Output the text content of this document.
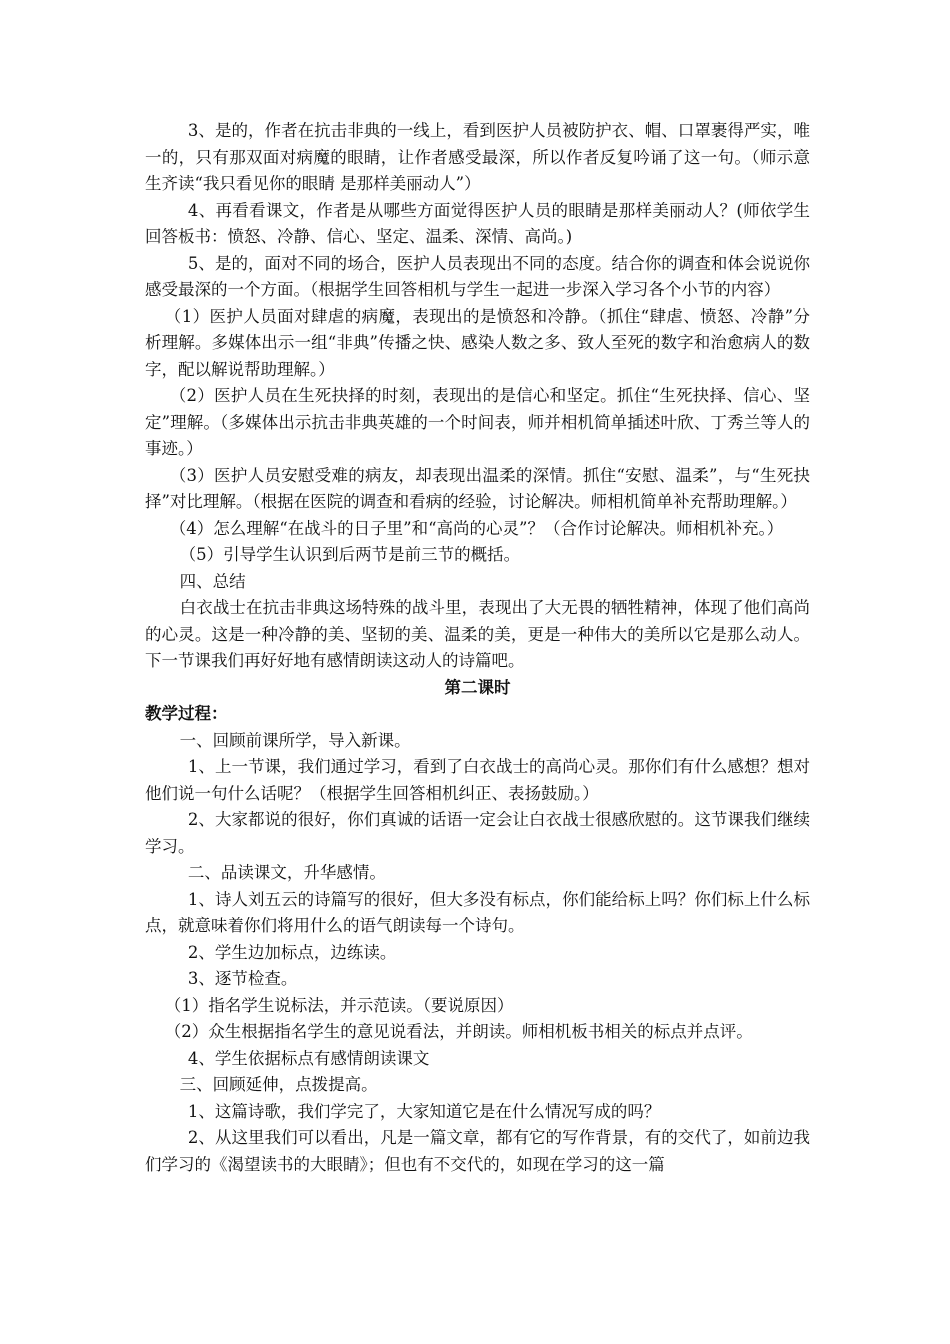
3、是的，作者在抗击非典的一线上，看到医护人员被防护衣、帽、口罩裹得严实，唯一的，只有那双面对病魔的眼睛，让作者感受最深，所以作者反复吟诵了这一句。（师示意生齐读“我只看见你的眼睛 是那样美丽动人”）

4、再看看课文，作者是从哪些方面觉得医护人员的眼睛是那样美丽动人？(师依学生回答板书：愤怒、冷静、信心、坚定、温柔、深情、高尚。)

5、是的，面对不同的场合，医护人员表现出不同的态度。结合你的调查和体会说说你感受最深的一个方面。（根据学生回答相机与学生一起进一步深入学习各个小节的内容）

（1）医护人员面对肆虐的病魔，表现出的是愤怒和冷静。（抓住“肆虐、愤怒、冷静”分析理解。多媒体出示一组“非典”传播之快、感染人数之多、致人至死的数字和治愈病人的数字，配以解说帮助理解。）

（2）医护人员在生死抉择的时刻，表现出的是信心和坚定。抓住“生死抉择、信心、坚定”理解。（多媒体出示抗击非典英雄的一个时间表，师并相机简单插述叶欣、丁秀兰等人的事迹。）

（3）医护人员安慰受难的病友，却表现出温柔的深情。抓住“安慰、温柔”，与“生死抉择”对比理解。（根据在医院的调查和看病的经验，讨论解决。师相机简单补充帮助理解。）

（4）怎么理解“在战斗的日子里”和“高尚的心灵”？（合作讨论解决。师相机补充。）

（5）引导学生认识到后两节是前三节的概括。

四、总结

白衣战士在抗击非典这场特殊的战斗里，表现出了大无畏的牺牲精神，体现了他们高尚的心灵。这是一种冷静的美、坚韧的美、温柔的美，更是一种伟大的美所以它是那么动人。下一节课我们再好好地有感情朗读这动人的诗篇吧。

第二课时

教学过程：

一、回顾前课所学，导入新课。

1、上一节课，我们通过学习，看到了白衣战士的高尚心灵。那你们有什么感想？想对他们说一句什么话呢？（根据学生回答相机纠正、表扬鼓励。）

2、大家都说的很好，你们真诚的话语一定会让白衣战士很感欣慰的。这节课我们继续学习。

二、品读课文，升华感情。

1、诗人刘五云的诗篇写的很好，但大多没有标点，你们能给标上吗？你们标上什么标点，就意味着你们将用什么的语气朗读每一个诗句。

2、学生边加标点，边练读。

3、逐节检查。

（1）指名学生说标法，并示范读。（要说原因）

（2）众生根据指名学生的意见说看法，并朗读。师相机板书相关的标点并点评。

4、学生依据标点有感情朗读课文

三、回顾延伸，点拨提高。

1、这篇诗歌，我们学完了，大家知道它是在什么情况写成的吗？

2、从这里我们可以看出，凡是一篇文章，都有它的写作背景，有的交代了，如前边我们学习的《渴望读书的大眼睛》；但也有不交代的，如现在学习的这一篇
